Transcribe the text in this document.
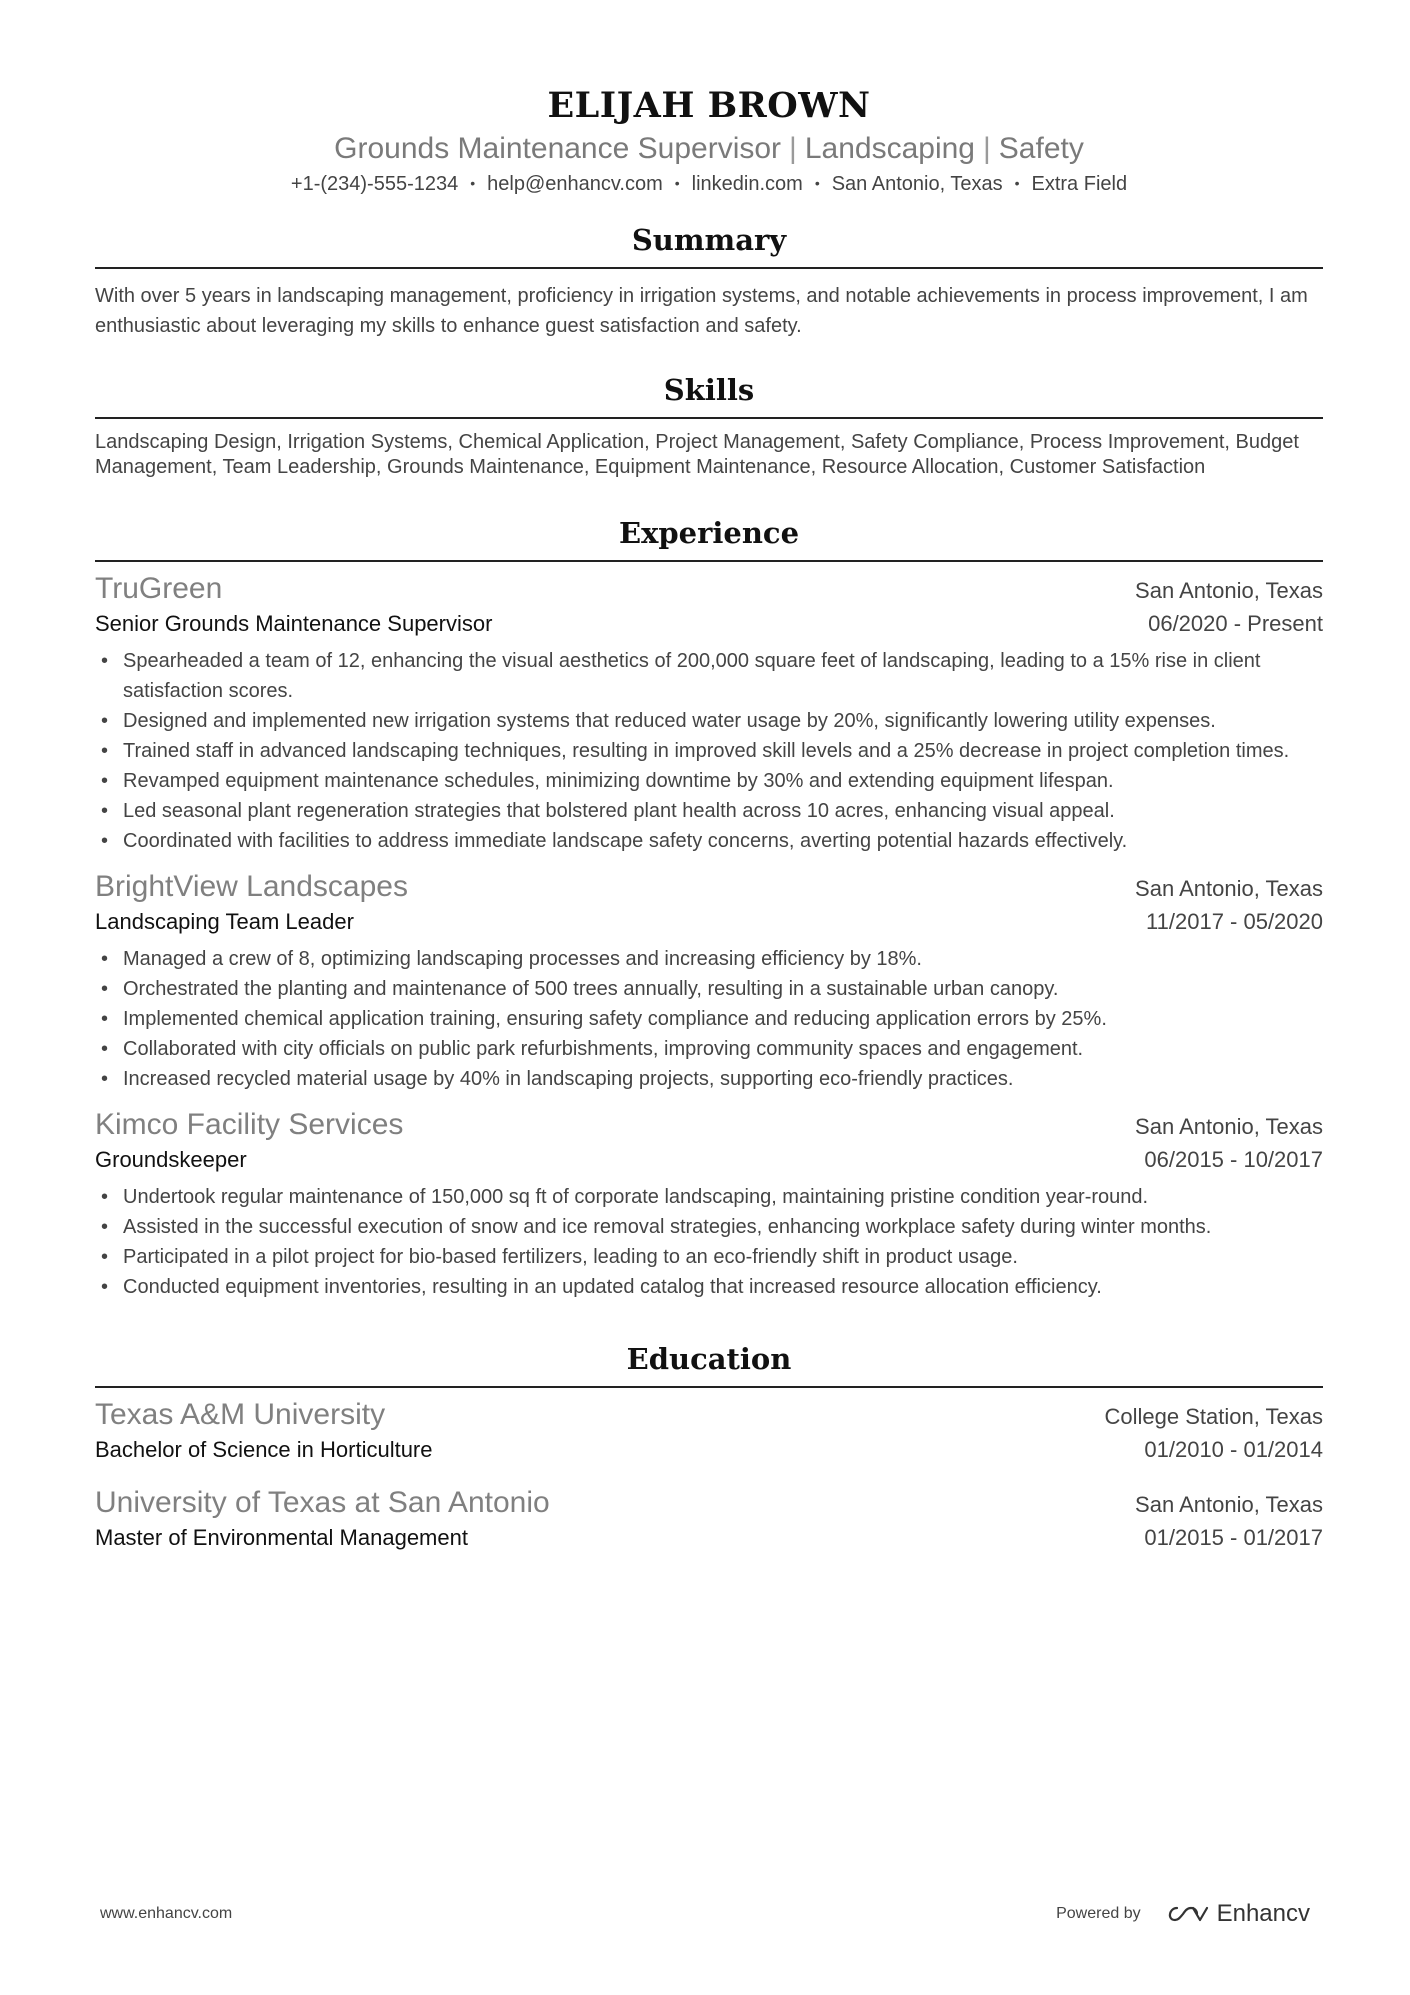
ELIJAH BROWN
Grounds Maintenance Supervisor | Landscaping | Safety
+1-(234)-555-1234 • help@enhancv.com • linkedin.com • San Antonio, Texas • Extra Field
Summary
With over 5 years in landscaping management, proficiency in irrigation systems, and notable achievements in process improvement, I am enthusiastic about leveraging my skills to enhance guest satisfaction and safety.
Skills
Landscaping Design, Irrigation Systems, Chemical Application, Project Management, Safety Compliance, Process Improvement, Budget Management, Team Leadership, Grounds Maintenance, Equipment Maintenance, Resource Allocation, Customer Satisfaction
Experience
TruGreen	San Antonio, Texas
Senior Grounds Maintenance Supervisor	06/2020 - Present
• Spearheaded a team of 12, enhancing the visual aesthetics of 200,000 square feet of landscaping, leading to a 15% rise in client satisfaction scores.
• Designed and implemented new irrigation systems that reduced water usage by 20%, significantly lowering utility expenses.
• Trained staff in advanced landscaping techniques, resulting in improved skill levels and a 25% decrease in project completion times.
• Revamped equipment maintenance schedules, minimizing downtime by 30% and extending equipment lifespan.
• Led seasonal plant regeneration strategies that bolstered plant health across 10 acres, enhancing visual appeal.
• Coordinated with facilities to address immediate landscape safety concerns, averting potential hazards effectively.
BrightView Landscapes	San Antonio, Texas
Landscaping Team Leader	11/2017 - 05/2020
• Managed a crew of 8, optimizing landscaping processes and increasing efficiency by 18%.
• Orchestrated the planting and maintenance of 500 trees annually, resulting in a sustainable urban canopy.
• Implemented chemical application training, ensuring safety compliance and reducing application errors by 25%.
• Collaborated with city officials on public park refurbishments, improving community spaces and engagement.
• Increased recycled material usage by 40% in landscaping projects, supporting eco-friendly practices.
Kimco Facility Services	San Antonio, Texas
Groundskeeper	06/2015 - 10/2017
• Undertook regular maintenance of 150,000 sq ft of corporate landscaping, maintaining pristine condition year-round.
• Assisted in the successful execution of snow and ice removal strategies, enhancing workplace safety during winter months.
• Participated in a pilot project for bio-based fertilizers, leading to an eco-friendly shift in product usage.
• Conducted equipment inventories, resulting in an updated catalog that increased resource allocation efficiency.
Education
Texas A&M University	College Station, Texas
Bachelor of Science in Horticulture	01/2010 - 01/2014
University of Texas at San Antonio	San Antonio, Texas
Master of Environmental Management	01/2015 - 01/2017
www.enhancv.com	Powered by	Enhancv
